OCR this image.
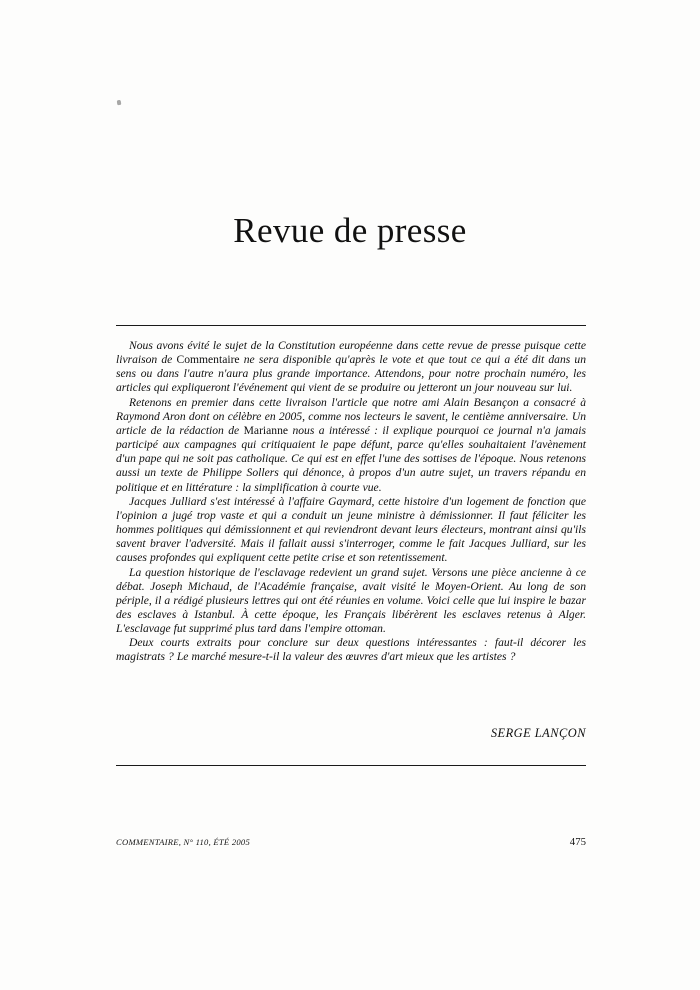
Revue de presse

Nous avons évité le sujet de la Constitution européenne dans cette revue de presse puisque cette livraison de Commentaire ne sera disponible qu'après le vote et que tout ce qui a été dit dans un sens ou dans l'autre n'aura plus grande importance. Attendons, pour notre prochain numéro, les articles qui expliqueront l'événement qui vient de se produire ou jetteront un jour nouveau sur lui.

Retenons en premier dans cette livraison l'article que notre ami Alain Besançon a consacré à Raymond Aron dont on célèbre en 2005, comme nos lecteurs le savent, le centième anniversaire. Un article de la rédaction de Marianne nous a intéressé : il explique pourquoi ce journal n'a jamais participé aux campagnes qui critiquaient le pape défunt, parce qu'elles souhaitaient l'avènement d'un pape qui ne soit pas catholique. Ce qui est en effet l'une des sottises de l'époque. Nous retenons aussi un texte de Philippe Sollers qui dénonce, à propos d'un autre sujet, un travers répandu en politique et en littérature : la simplification à courte vue.

Jacques Julliard s'est intéressé à l'affaire Gaymard, cette histoire d'un logement de fonction que l'opinion a jugé trop vaste et qui a conduit un jeune ministre à démissionner. Il faut féliciter les hommes politiques qui démissionnent et qui reviendront devant leurs électeurs, montrant ainsi qu'ils savent braver l'adversité. Mais il fallait aussi s'interroger, comme le fait Jacques Julliard, sur les causes profondes qui expliquent cette petite crise et son retentissement.

La question historique de l'esclavage redevient un grand sujet. Versons une pièce ancienne à ce débat. Joseph Michaud, de l'Académie française, avait visité le Moyen-Orient. Au long de son périple, il a rédigé plusieurs lettres qui ont été réunies en volume. Voici celle que lui inspire le bazar des esclaves à Istanbul. À cette époque, les Français libérèrent les esclaves retenus à Alger. L'esclavage fut supprimé plus tard dans l'empire ottoman.

Deux courts extraits pour conclure sur deux questions intéressantes : faut-il décorer les magistrats ? Le marché mesure-t-il la valeur des œuvres d'art mieux que les artistes ?

SERGE LANÇON
COMMENTAIRE, N° 110, ÉTÉ 2005	475
